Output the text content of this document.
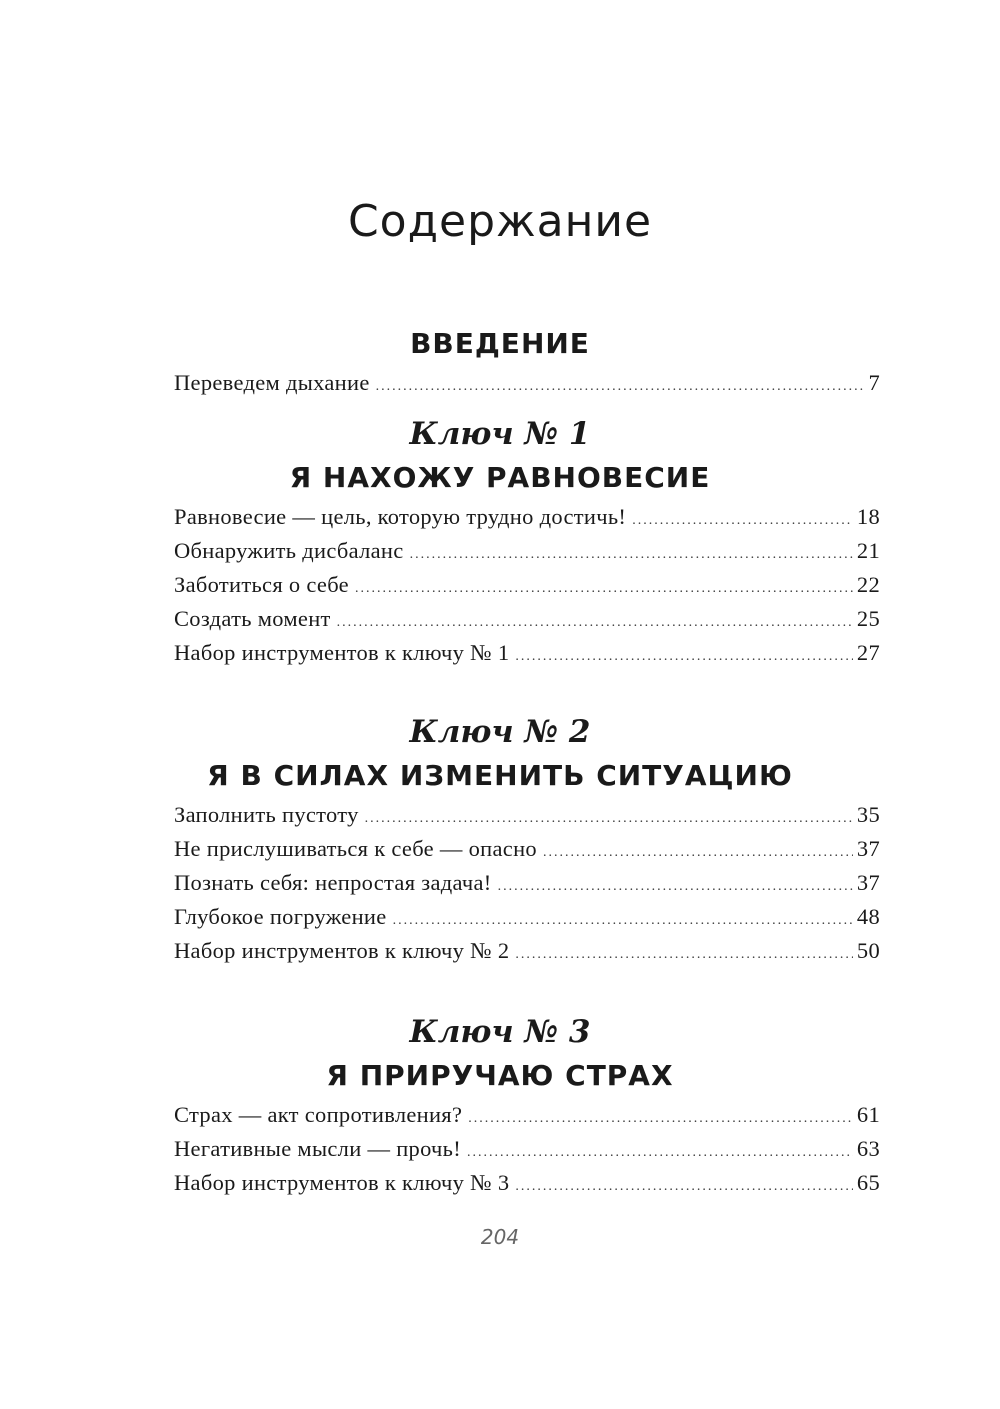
Содержание
ВВЕДЕНИЕ
Переведем дыхание .....	7
Ключ № 1
Я НАХОЖУ РАВНОВЕСИЕ
Равновесие — цель, которую трудно достичь! .....	18
Обнаружить дисбаланс .....	21
Заботиться о себе .....	22
Создать момент .....	25
Набор инструментов к ключу № 1 .....	27
Ключ № 2
Я В СИЛАХ ИЗМЕНИТЬ СИТУАЦИЮ
Заполнить пустоту .....	35
Не прислушиваться к себе — опасно .....	37
Познать себя: непростая задача! .....	37
Глубокое погружение .....	48
Набор инструментов к ключу № 2 .....	50
Ключ № 3
Я ПРИРУЧАЮ СТРАХ
Страх — акт сопротивления? .....	61
Негативные мысли — прочь! .....	63
Набор инструментов к ключу № 3 .....	65
204
